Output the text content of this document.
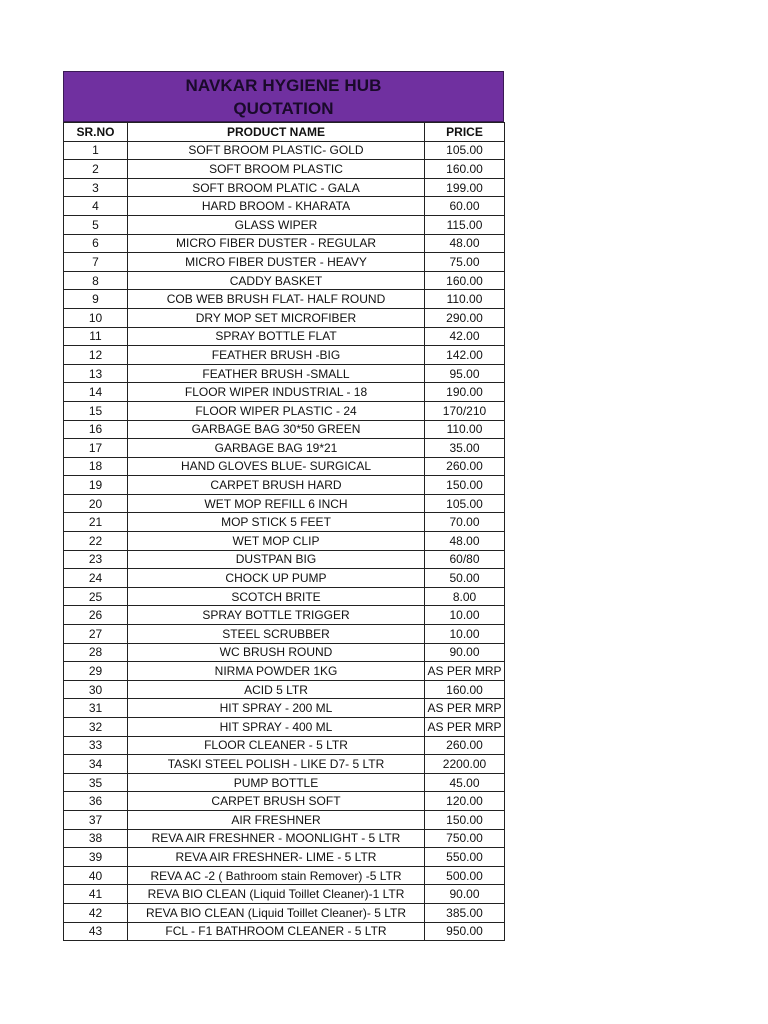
NAVKAR HYGIENE HUB
QUOTATION
SR.NO	PRODUCT NAME	PRICE
1	SOFT BROOM PLASTIC- GOLD	105.00
2	SOFT BROOM PLASTIC	160.00
3	SOFT BROOM PLATIC - GALA	199.00
4	HARD BROOM - KHARATA	60.00
5	GLASS WIPER	115.00
6	MICRO FIBER DUSTER - REGULAR	48.00
7	MICRO FIBER DUSTER - HEAVY	75.00
8	CADDY BASKET	160.00
9	COB WEB BRUSH FLAT- HALF ROUND	110.00
10	DRY MOP SET MICROFIBER	290.00
11	SPRAY BOTTLE FLAT	42.00
12	FEATHER BRUSH -BIG	142.00
13	FEATHER BRUSH -SMALL	95.00
14	FLOOR WIPER INDUSTRIAL - 18	190.00
15	FLOOR WIPER PLASTIC - 24	170/210
16	GARBAGE BAG 30*50 GREEN	110.00
17	GARBAGE BAG 19*21	35.00
18	HAND GLOVES BLUE- SURGICAL	260.00
19	CARPET BRUSH HARD	150.00
20	WET MOP REFILL 6 INCH	105.00
21	MOP STICK 5 FEET	70.00
22	WET MOP CLIP	48.00
23	DUSTPAN BIG	60/80
24	CHOCK UP PUMP	50.00
25	SCOTCH BRITE	8.00
26	SPRAY BOTTLE TRIGGER	10.00
27	STEEL SCRUBBER	10.00
28	WC BRUSH ROUND	90.00
29	NIRMA POWDER 1KG	AS PER MRP
30	ACID 5 LTR	160.00
31	HIT SPRAY - 200 ML	AS PER MRP
32	HIT SPRAY - 400 ML	AS PER MRP
33	FLOOR CLEANER - 5 LTR	260.00
34	TASKI STEEL POLISH - LIKE D7- 5 LTR	2200.00
35	PUMP BOTTLE	45.00
36	CARPET BRUSH SOFT	120.00
37	AIR FRESHNER	150.00
38	REVA AIR FRESHNER - MOONLIGHT - 5 LTR	750.00
39	REVA AIR FRESHNER- LIME - 5 LTR	550.00
40	REVA AC -2 ( Bathroom stain Remover) -5 LTR	500.00
41	REVA BIO CLEAN (Liquid Toillet Cleaner)-1 LTR	90.00
42	REVA BIO CLEAN (Liquid Toillet Cleaner)- 5 LTR	385.00
43	FCL - F1 BATHROOM CLEANER - 5 LTR	950.00
